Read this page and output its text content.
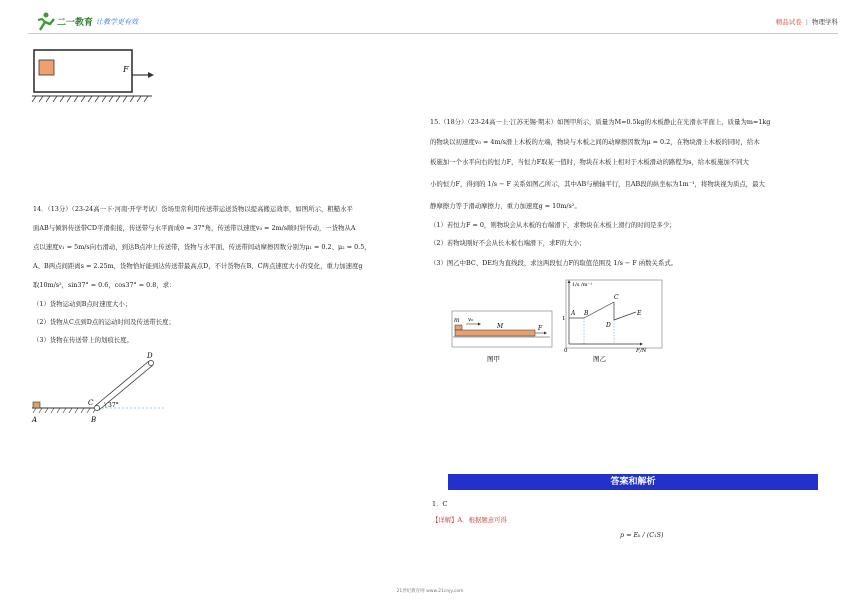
二一教育 让教学更有效	精品试卷 | 物理学科
F
14．（13分）（23-24高一下·河南·开学考试）货场里常利用传送带运送货物以提高搬运效率，如图所示，粗糙水平
面AB与倾斜传送带CD平滑衔接，传送带与水平面成θ = 37°角，传送带以速度v₀ = 2m/s顺时针传动，一货物从A
点以速度v₁ = 5m/s向右滑动，到达B点冲上传送带，货物与水平面、传送带间动摩擦因数分别为μ₁ = 0.2、μ₂ = 0.5，
A、B两点间距离s = 2.25m，货物恰好能到达传送带最高点D，不计货物在B、C两点速度大小的变化，重力加速度g
取10m/s²，sin37° = 0.6，cos37° = 0.8，求：
（1）货物运动到B点时速度大小；
（2）货物从C点到D点的运动时间及传送带长度；
（3）货物在传送带上的划痕长度。
A	B
C
D
37°
15.（18分）（23-24高一上·江苏无锡·期末）如图甲所示，质量为M=0.5kg的木板静止在光滑水平面上，质量为m=1kg
的物块以初速度v₀ = 4m/s滑上木板的左端，物块与木板之间的动摩擦因数为μ = 0.2，在物块滑上木板的同时，给木
板施加一个水平向右的恒力F，当恒力F取某一值时，物块在木板上相对于木板滑动的路程为s，给木板施加不同大
小的恒力F，得到的 1/s − F 关系如图乙所示，其中AB与横轴平行，且AB段的纵坐标为1m⁻¹，将物块视为质点，最大
静摩擦力等于滑动摩擦力，重力加速度g = 10m/s²。
（1）若恒力F = 0，则物块会从木板的右端滑下，求物块在木板上滑行的时间是多少；
（2）若物块刚好不会从长木板右端滑下，求F的大小；
（3）图乙中BC、DE均为直线段，求这两段恒力F的取值范围及 1/s − F 函数关系式。
m v₀
M	F
图甲
1/s /m⁻¹
F/N
0
1
A B
C
D
E
图乙
答案和解析
1．C
【详解】A．根据题意可得
p = Eₖ / (C₁S)
21世纪教育网 www.21cnjy.com
